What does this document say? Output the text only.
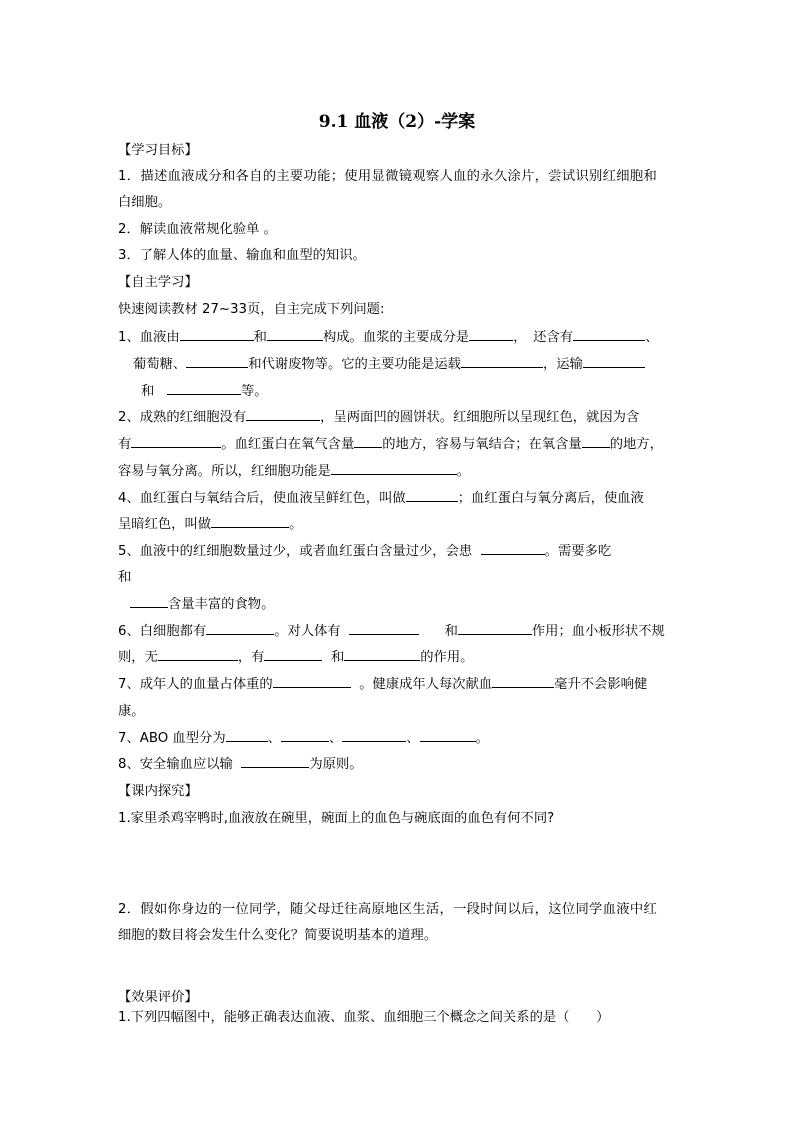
9.1 血液（2）-学案
【学习目标】
1．描述血液成分和各自的主要功能；使用显微镜观察人血的永久涂片，尝试识别红细胞和
白细胞。
2．解读血液常规化验单 。
3．了解人体的血量、输血和血型的知识。
【自主学习】
快速阅读教材 27~33页，自主完成下列问题:
1、血液由	和	构成。血浆的主要成分是	，　还含有	、
葡萄糖、	和代谢废物等。它的主要功能是运载	，运输
和	等。
2、成熟的红细胞没有	，呈两面凹的圆饼状。红细胞所以呈现红色，就因为含
有	。血红蛋白在氧气含量 的地方，容易与氧结合；在氧含量 的地方，
容易与氧分离。所以，红细胞功能是	。
4、血红蛋白与氧结合后，使血液呈鲜红色，叫做	；血红蛋白与氧分离后，使血液
呈暗红色，叫做	。
5、血液中的红细胞数量过少，或者血红蛋白含量过少，会患	。需要多吃
和
含量丰富的食物。
6、白细胞都有	。对人体有	和	作用；血小板形状不规
则，无	，有	和	的作用。
7、成年人的血量占体重的	。健康成年人每次献血	毫升不会影响健
康。
7、ABO 血型分为	、	、	、	。
8、安全输血应以输	为原则。
【课内探究】
1.家里杀鸡宰鸭时,血液放在碗里，碗面上的血色与碗底面的血色有何不同?
2．假如你身边的一位同学，随父母迁往高原地区生活，一段时间以后，这位同学血液中红
细胞的数目将会发生什么变化？简要说明基本的道理。
【效果评价】
1.下列四幅图中，能够正确表达血液、血浆、血细胞三个概念之间关系的是（　　）
